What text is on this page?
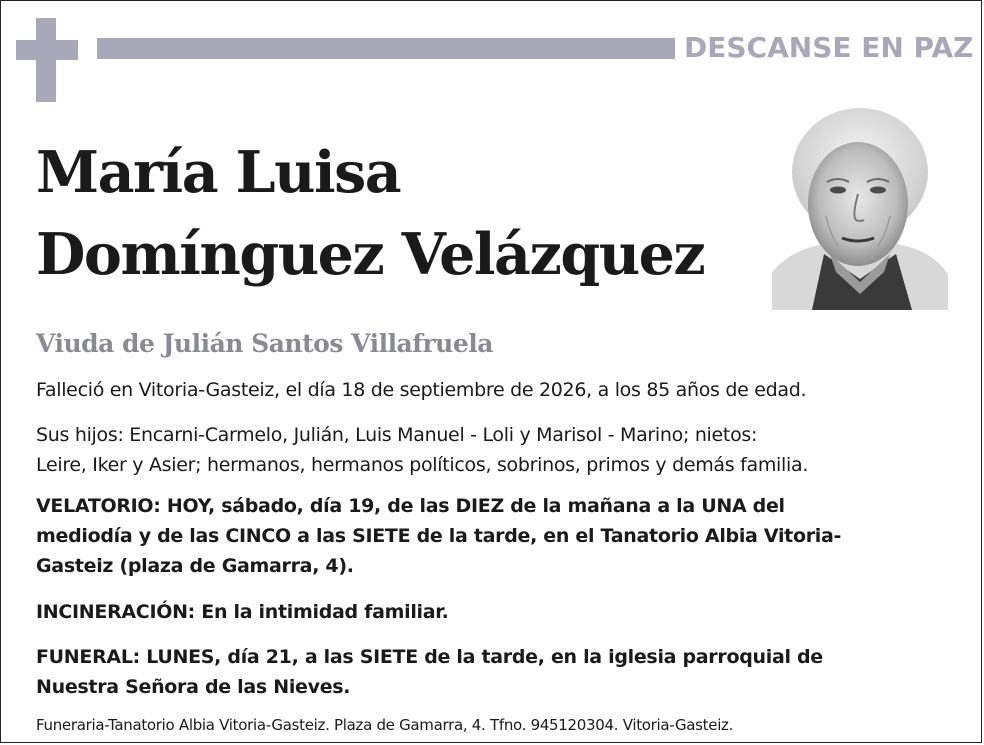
DESCANSE EN PAZ
María Luisa
Domínguez Velázquez
Viuda de Julián Santos Villafruela
Falleció en Vitoria-Gasteiz, el día 18 de septiembre de 2026, a los 85 años de edad.
Sus hijos: Encarni-Carmelo, Julián, Luis Manuel - Loli y Marisol - Marino; nietos:
Leire, Iker y Asier; hermanos, hermanos políticos, sobrinos, primos y demás familia.
VELATORIO: HOY, sábado, día 19, de las DIEZ de la mañana a la UNA del
mediodía y de las CINCO a las SIETE de la tarde, en el Tanatorio Albia Vitoria-
Gasteiz (plaza de Gamarra, 4).
INCINERACIÓN: En la intimidad familiar.
FUNERAL: LUNES, día 21, a las SIETE de la tarde, en la iglesia parroquial de
Nuestra Señora de las Nieves.
Funeraria-Tanatorio Albia Vitoria-Gasteiz. Plaza de Gamarra, 4. Tfno. 945120304. Vitoria-Gasteiz.
